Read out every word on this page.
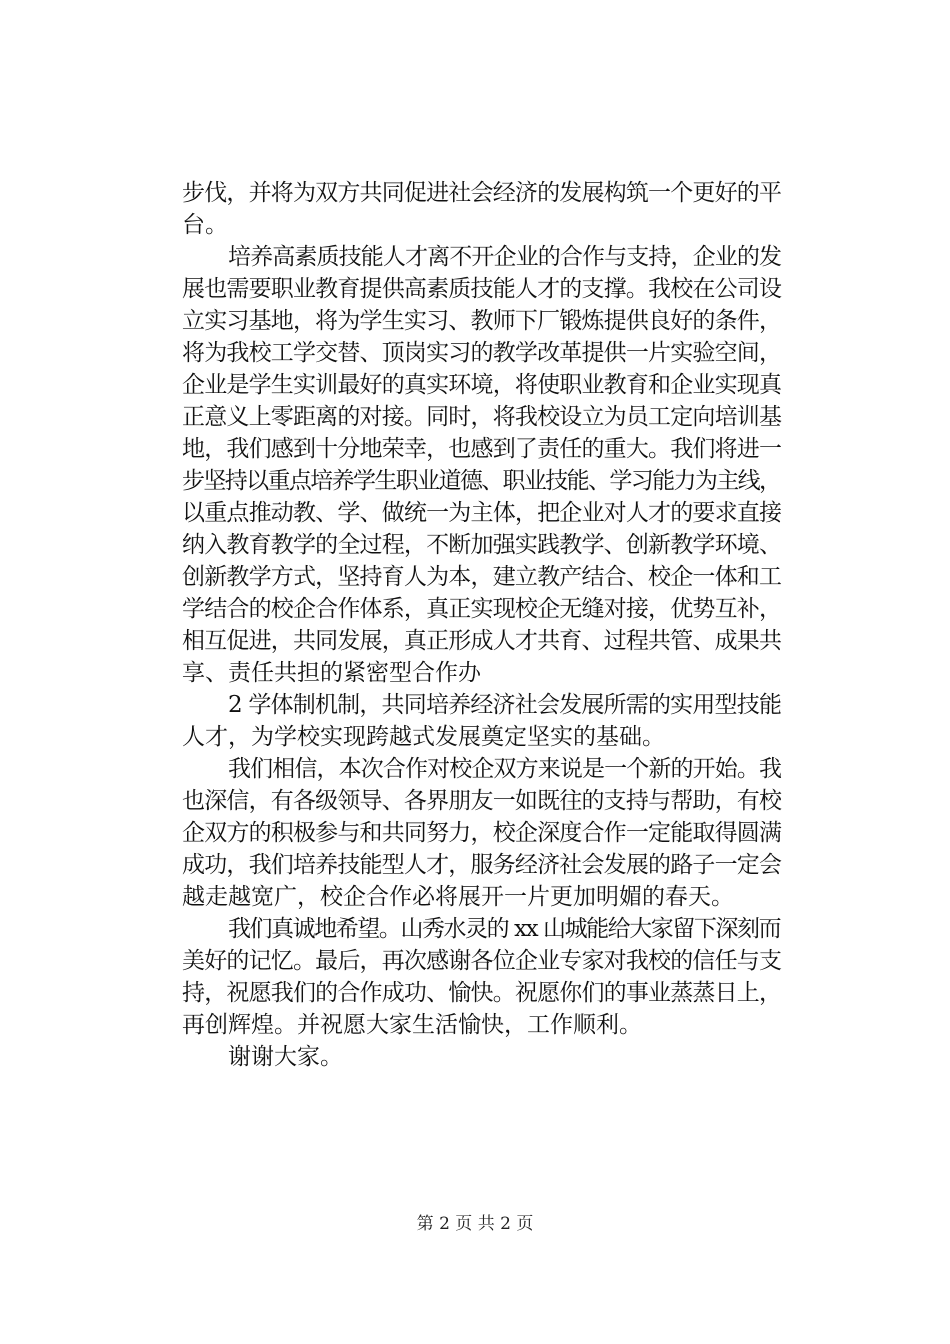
步伐，并将为双方共同促进社会经济的发展构筑一个更好的平
台。
培养高素质技能人才离不开企业的合作与支持，企业的发
展也需要职业教育提供高素质技能人才的支撑。我校在公司设
立实习基地，将为学生实习、教师下厂锻炼提供良好的条件，
将为我校工学交替、顶岗实习的教学改革提供一片实验空间，
企业是学生实训最好的真实环境，将使职业教育和企业实现真
正意义上零距离的对接。同时，将我校设立为员工定向培训基
地，我们感到十分地荣幸，也感到了责任的重大。我们将进一
步坚持以重点培养学生职业道德、职业技能、学习能力为主线，
以重点推动教、学、做统一为主体，把企业对人才的要求直接
纳入教育教学的全过程，不断加强实践教学、创新教学环境、
创新教学方式，坚持育人为本，建立教产结合、校企一体和工
学结合的校企合作体系，真正实现校企无缝对接，优势互补，
相互促进，共同发展，真正形成人才共育、过程共管、成果共
享、责任共担的紧密型合作办
2 学体制机制，共同培养经济社会发展所需的实用型技能
人才，为学校实现跨越式发展奠定坚实的基础。
我们相信，本次合作对校企双方来说是一个新的开始。我
也深信，有各级领导、各界朋友一如既往的支持与帮助，有校
企双方的积极参与和共同努力，校企深度合作一定能取得圆满
成功，我们培养技能型人才，服务经济社会发展的路子一定会
越走越宽广，校企合作必将展开一片更加明媚的春天。
我们真诚地希望。山秀水灵的 xx 山城能给大家留下深刻而
美好的记忆。最后，再次感谢各位企业专家对我校的信任与支
持，祝愿我们的合作成功、愉快。祝愿你们的事业蒸蒸日上，
再创辉煌。并祝愿大家生活愉快，工作顺利。
谢谢大家。
第 2 页 共 2 页
